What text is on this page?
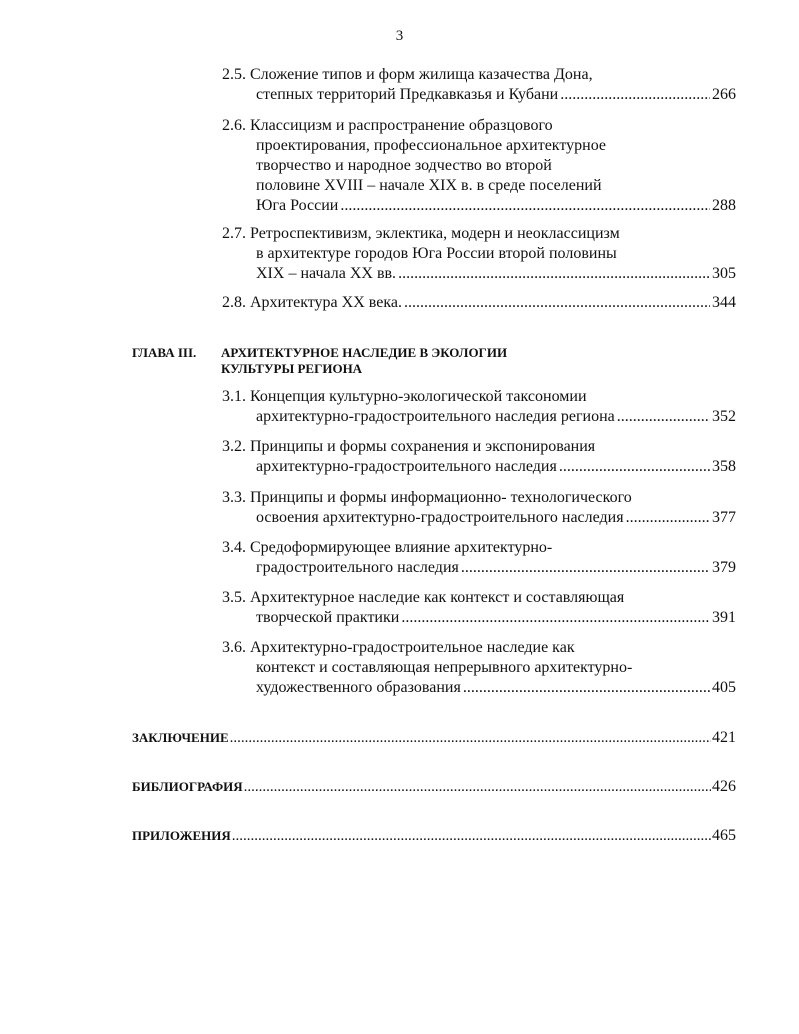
3
ГЛАВА III. АРХИТЕКТУРНОЕ НАСЛЕДИЕ В ЭКОЛОГИИ
КУЛЬТУРЫ РЕГИОНА
2.5. Сложение типов и форм жилища казачества Дона,
степных территорий Предкавказья и Кубани .....	266
2.6. Классицизм и распространение образцового
проектирования, профессиональное архитектурное
творчество и народное зодчество во второй
половине XVIII – начале XIX в. в среде поселений
Юга России .....	288
2.7. Ретроспективизм, эклектика, модерн и неоклассицизм
в архитектуре городов Юга России второй половины
XIX – начала XX вв. .....	305
2.8. Архитектура XX века. .....	344
3.1. Концепция культурно-экологической таксономии
архитектурно-градостроительного наследия региона .....	352
3.2. Принципы и формы сохранения и экспонирования
архитектурно-градостроительного наследия .....	358
3.3. Принципы и формы информационно- технологического
освоения архитектурно-градостроительного наследия .....	377
3.4. Средоформирующее влияние архитектурно-
градостроительного наследия .....	379
3.5. Архитектурное наследие как контекст и составляющая
творческой практики .....	391
3.6. Архитектурно-градостроительное наследие как
контекст и составляющая непрерывного архитектурно-
художественного образования .....	405
ЗАКЛЮЧЕНИЕ .....	421
БИБЛИОГРАФИЯ .....	426
ПРИЛОЖЕНИЯ .....	465
